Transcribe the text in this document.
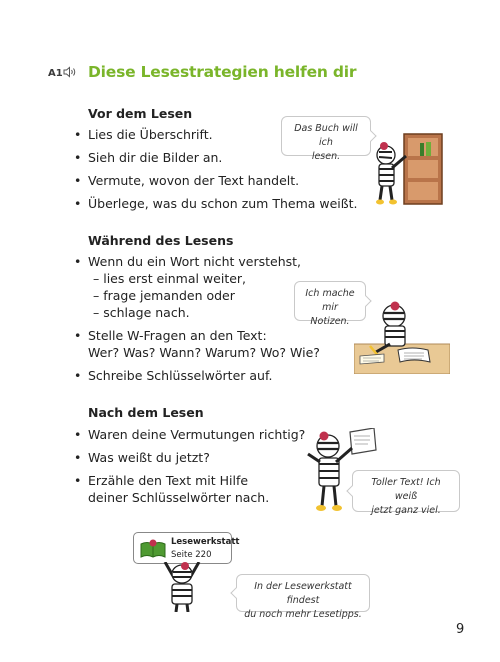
A1 Diese Lesestrategien helfen dir
Vor dem Lesen
• Lies die Überschrift.
• Sieh dir die Bilder an.
• Vermute, wovon der Text handelt.
• Überlege, was du schon zum Thema weißt.
Während des Lesens
• Wenn du ein Wort nicht verstehst,
– lies erst einmal weiter,
– frage jemanden oder
– schlage nach.
• Stelle W-Fragen an den Text:
Wer? Was? Wann? Warum? Wo? Wie?
• Schreibe Schlüsselwörter auf.
Nach dem Lesen
• Waren deine Vermutungen richtig?
• Was weißt du jetzt?
• Erzähle den Text mit Hilfe
deiner Schlüsselwörter nach.
Das Buch will ich
lesen.
Ich mache mir
Notizen.
Toller Text! Ich weiß
jetzt ganz viel.
Lesewerkstatt
Seite 220
In der Lesewerkstatt findest
du noch mehr Lesetipps.
9
